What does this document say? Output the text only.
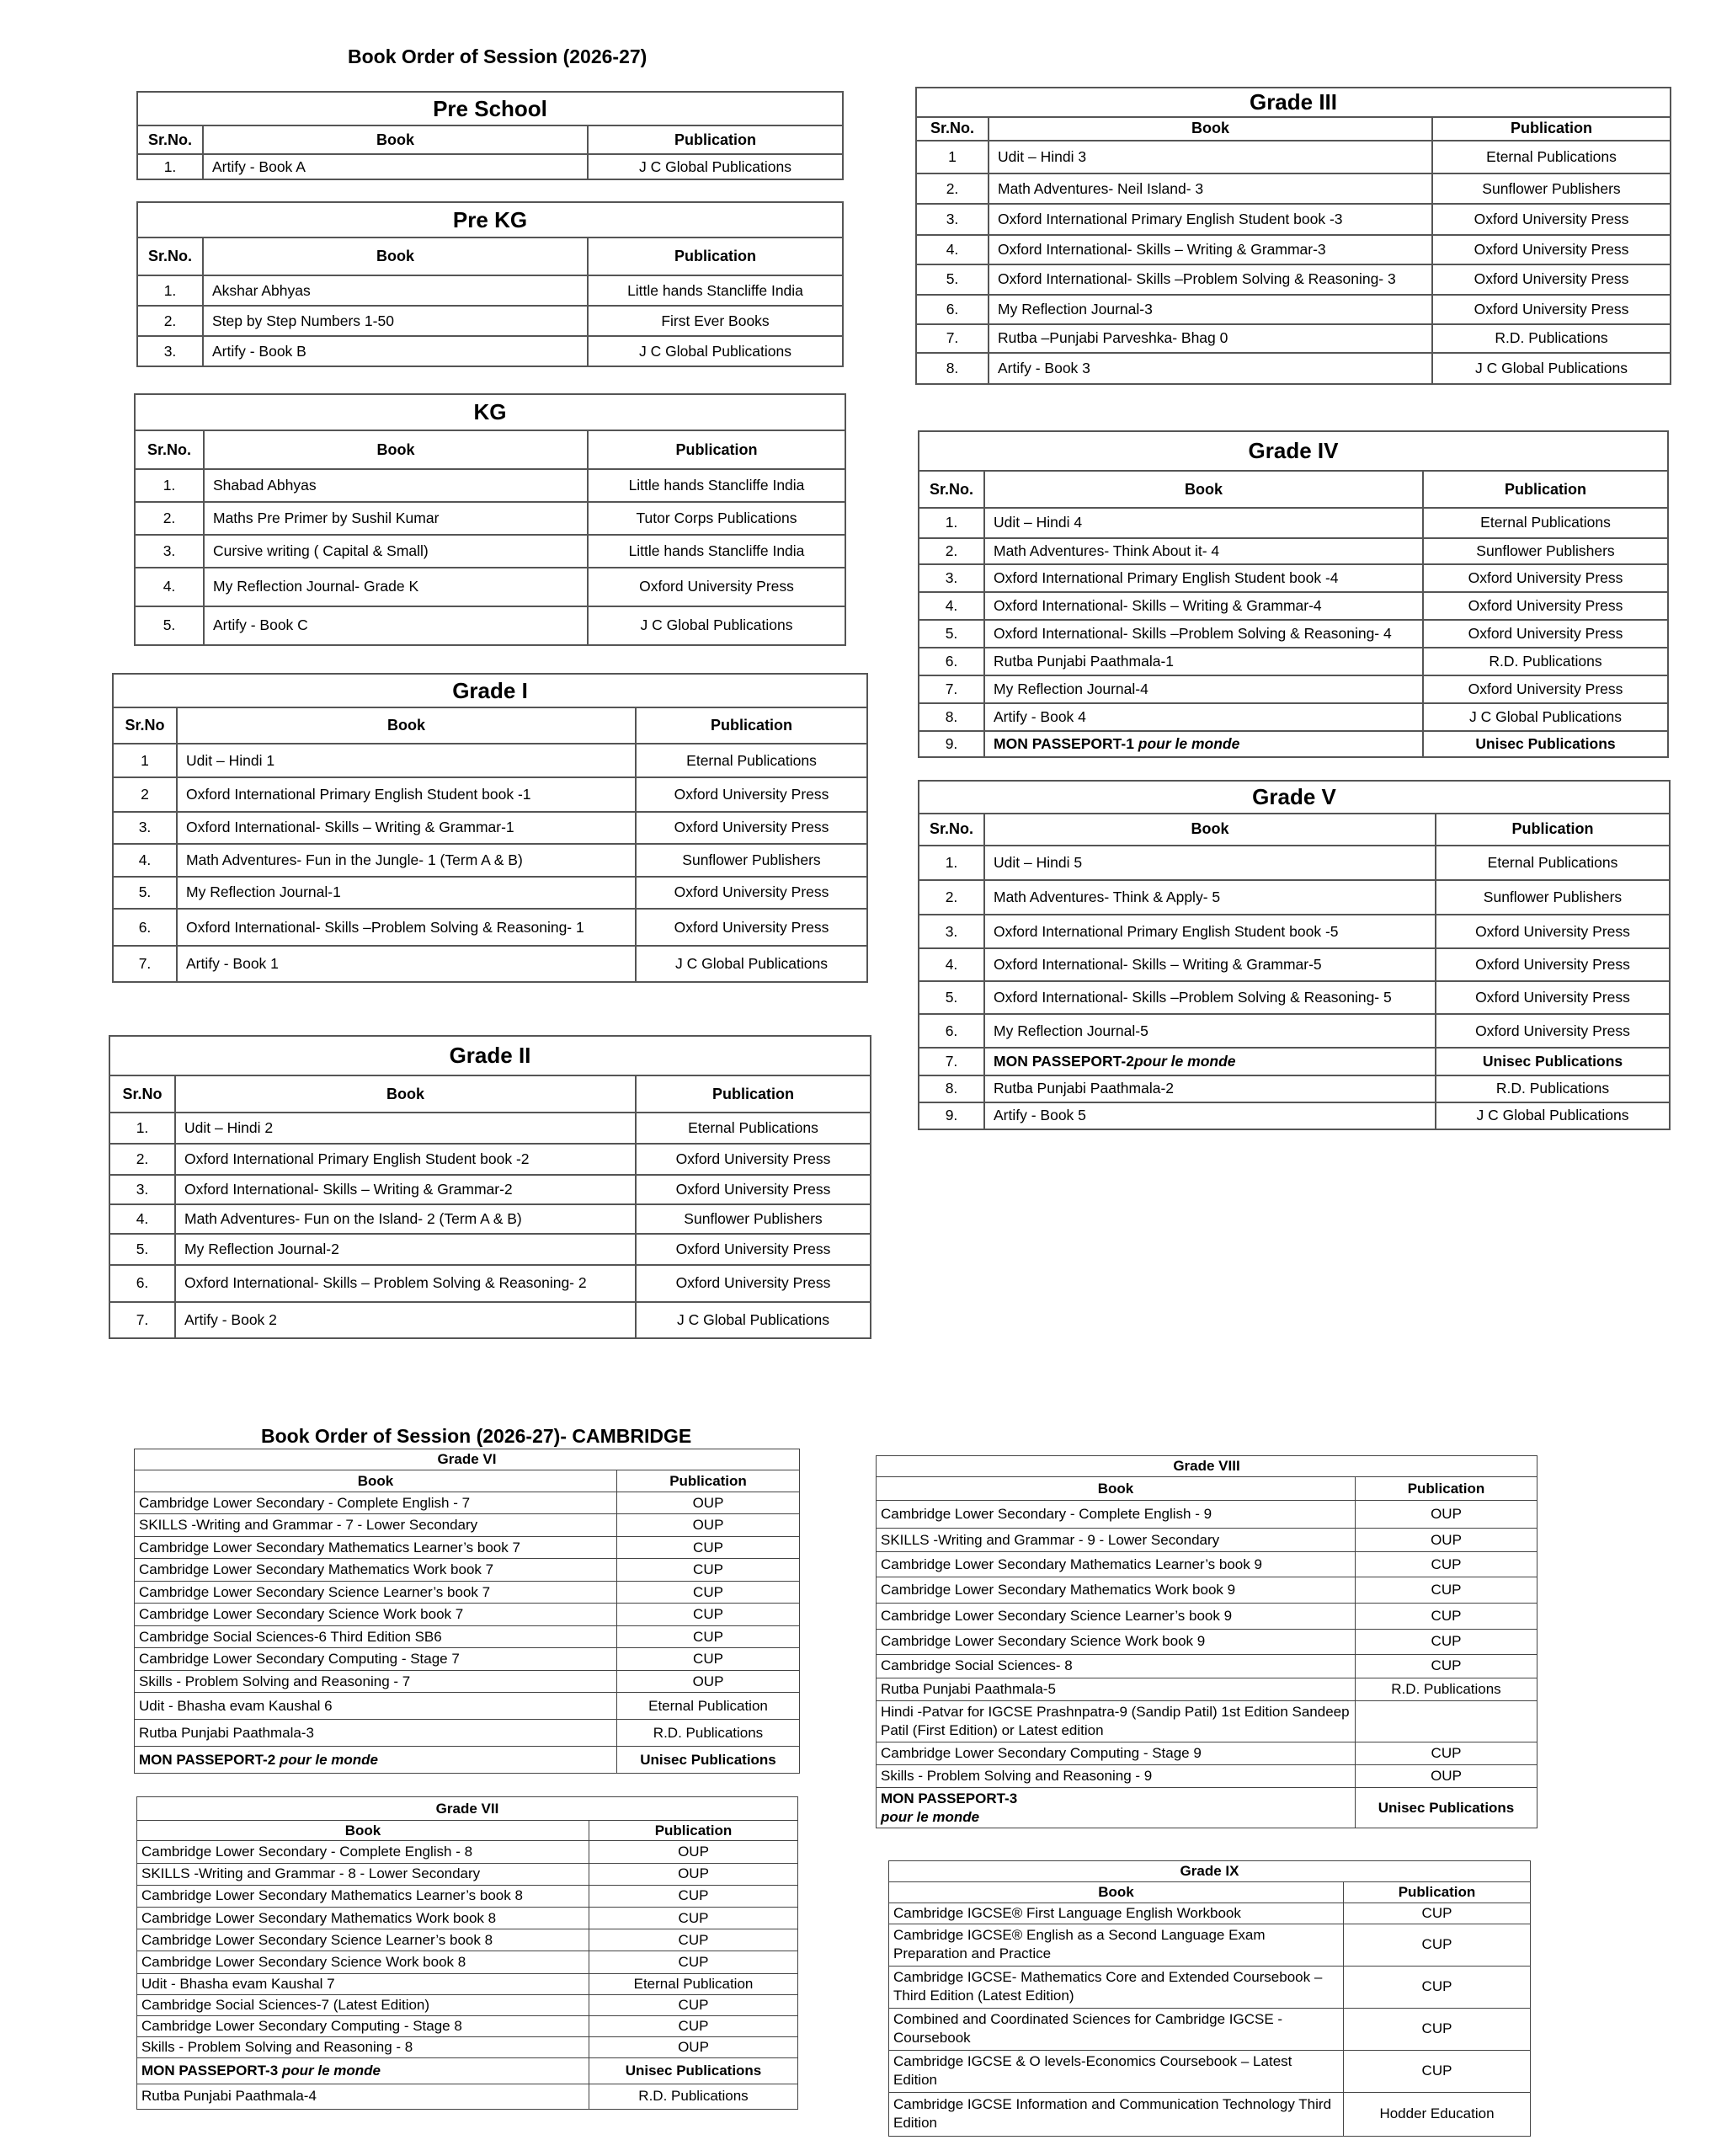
Book Order of Session (2026-27)
Book Order of Session (2026-27)- CAMBRIDGE
Pre School		
Sr.No.	Book	Publication
1.	Artify - Book A	J C Global Publications
Pre KG		
Sr.No.	Book	Publication
1.	Akshar Abhyas	Little hands Stancliffe India
2.	Step by Step Numbers 1-50	First Ever Books
3.	Artify - Book B	J C Global Publications
KG		
Sr.No.	Book	Publication
1.	Shabad Abhyas	Little hands Stancliffe India
2.	Maths Pre Primer by Sushil Kumar	Tutor Corps Publications
3.	Cursive writing ( Capital & Small)	Little hands Stancliffe India
4.	My Reflection Journal- Grade K	Oxford University Press
5.	Artify - Book C	J C Global Publications
Grade I		
Sr.No	Book	Publication
1	Udit – Hindi 1	Eternal Publications
2	Oxford International Primary English Student book -1	Oxford University Press
3.	Oxford International- Skills – Writing & Grammar-1	Oxford University Press
4.	Math Adventures- Fun in the Jungle- 1 (Term A & B)	Sunflower Publishers
5.	My Reflection Journal-1	Oxford University Press
6.	Oxford International- Skills –Problem Solving & Reasoning- 1	Oxford University Press
7.	Artify - Book 1	J C Global Publications
Grade II		
Sr.No	Book	Publication
1.	Udit – Hindi 2	Eternal Publications
2.	Oxford International Primary English Student book -2	Oxford University Press
3.	Oxford International- Skills – Writing & Grammar-2	Oxford University Press
4.	Math Adventures- Fun on the Island- 2 (Term A & B)	Sunflower Publishers
5.	My Reflection Journal-2	Oxford University Press
6.	Oxford International- Skills – Problem Solving & Reasoning- 2	Oxford University Press
7.	Artify - Book 2	J C Global Publications
Grade III		
Sr.No.	Book	Publication
1	Udit – Hindi 3	Eternal Publications
2.	Math Adventures- Neil Island- 3	Sunflower Publishers
3.	Oxford International Primary English Student book -3	Oxford University Press
4.	Oxford International- Skills – Writing & Grammar-3	Oxford University Press
5.	Oxford International- Skills –Problem Solving & Reasoning- 3	Oxford University Press
6.	My Reflection Journal-3	Oxford University Press
7.	Rutba –Punjabi Parveshka- Bhag 0	R.D. Publications
8.	Artify - Book 3	J C Global Publications
Grade IV		
Sr.No.	Book	Publication
1.	Udit – Hindi 4	Eternal Publications
2.	Math Adventures- Think About it- 4	Sunflower Publishers
3.	Oxford International Primary English Student book -4	Oxford University Press
4.	Oxford International- Skills – Writing & Grammar-4	Oxford University Press
5.	Oxford International- Skills –Problem Solving & Reasoning- 4	Oxford University Press
6.	Rutba Punjabi Paathmala-1	R.D. Publications
7.	My Reflection Journal-4	Oxford University Press
8.	Artify - Book 4	J C Global Publications
9.	MON PASSEPORT-1 pour le monde	Unisec Publications
Grade V		
Sr.No.	Book	Publication
1.	Udit – Hindi 5	Eternal Publications
2.	Math Adventures- Think & Apply- 5	Sunflower Publishers
3.	Oxford International Primary English Student book -5	Oxford University Press
4.	Oxford International- Skills – Writing & Grammar-5	Oxford University Press
5.	Oxford International- Skills –Problem Solving & Reasoning- 5	Oxford University Press
6.	My Reflection Journal-5	Oxford University Press
7.	MON PASSEPORT-2pour le monde	Unisec Publications
8.	Rutba Punjabi Paathmala-2	R.D. Publications
9.	Artify - Book 5	J C Global Publications
Grade VI	
Book	Publication
Cambridge Lower Secondary - Complete English - 7	OUP
SKILLS -Writing and Grammar - 7 - Lower Secondary	OUP
Cambridge Lower Secondary Mathematics Learner’s book 7	CUP
Cambridge Lower Secondary Mathematics Work book 7	CUP
Cambridge Lower Secondary Science Learner’s book 7	CUP
Cambridge Lower Secondary Science Work book 7	CUP
Cambridge Social Sciences-6 Third Edition SB6	CUP
Cambridge Lower Secondary Computing - Stage 7	CUP
Skills - Problem Solving and Reasoning - 7	OUP
Udit - Bhasha evam Kaushal 6	Eternal Publication
Rutba Punjabi Paathmala-3	R.D. Publications
MON PASSEPORT-2 pour le monde	Unisec Publications
Grade VII	
Book	Publication
Cambridge Lower Secondary - Complete English - 8	OUP
SKILLS -Writing and Grammar - 8 - Lower Secondary	OUP
Cambridge Lower Secondary Mathematics Learner’s book 8	CUP
Cambridge Lower Secondary Mathematics Work book 8	CUP
Cambridge Lower Secondary Science Learner’s book 8	CUP
Cambridge Lower Secondary Science Work book 8	CUP
Udit - Bhasha evam Kaushal 7	Eternal Publication
Cambridge Social Sciences-7 (Latest Edition)	CUP
Cambridge Lower Secondary Computing - Stage 8	CUP
Skills - Problem Solving and Reasoning - 8	OUP
MON PASSEPORT-3 pour le monde	Unisec Publications
Rutba Punjabi Paathmala-4	R.D. Publications
Grade VIII	
Book	Publication
Cambridge Lower Secondary - Complete English - 9	OUP
SKILLS -Writing and Grammar - 9 - Lower Secondary	OUP
Cambridge Lower Secondary Mathematics Learner’s book 9	CUP
Cambridge Lower Secondary Mathematics Work book 9	CUP
Cambridge Lower Secondary Science Learner’s book 9	CUP
Cambridge Lower Secondary Science Work book 9	CUP
Cambridge Social Sciences- 8	CUP
Rutba Punjabi Paathmala-5	R.D. Publications
Hindi -Patvar for IGCSE Prashnpatra-9 (Sandip Patil) 1st Edition Sandeep Patil (First Edition) or Latest edition	
Cambridge Lower Secondary Computing - Stage 9	CUP
Skills - Problem Solving and Reasoning - 9	OUP
MON PASSEPORT-3
pour le monde	Unisec Publications
Grade IX	
Book	Publication
Cambridge IGCSE® First Language English Workbook	CUP
Cambridge IGCSE® English as a Second Language Exam Preparation and Practice	CUP
Cambridge IGCSE- Mathematics Core and Extended Coursebook – Third Edition (Latest Edition)	CUP
Combined and Coordinated Sciences for Cambridge IGCSE - Coursebook	CUP
Cambridge IGCSE & O levels-Economics Coursebook – Latest Edition	CUP
Cambridge IGCSE Information and Communication Technology Third Edition	Hodder Education
